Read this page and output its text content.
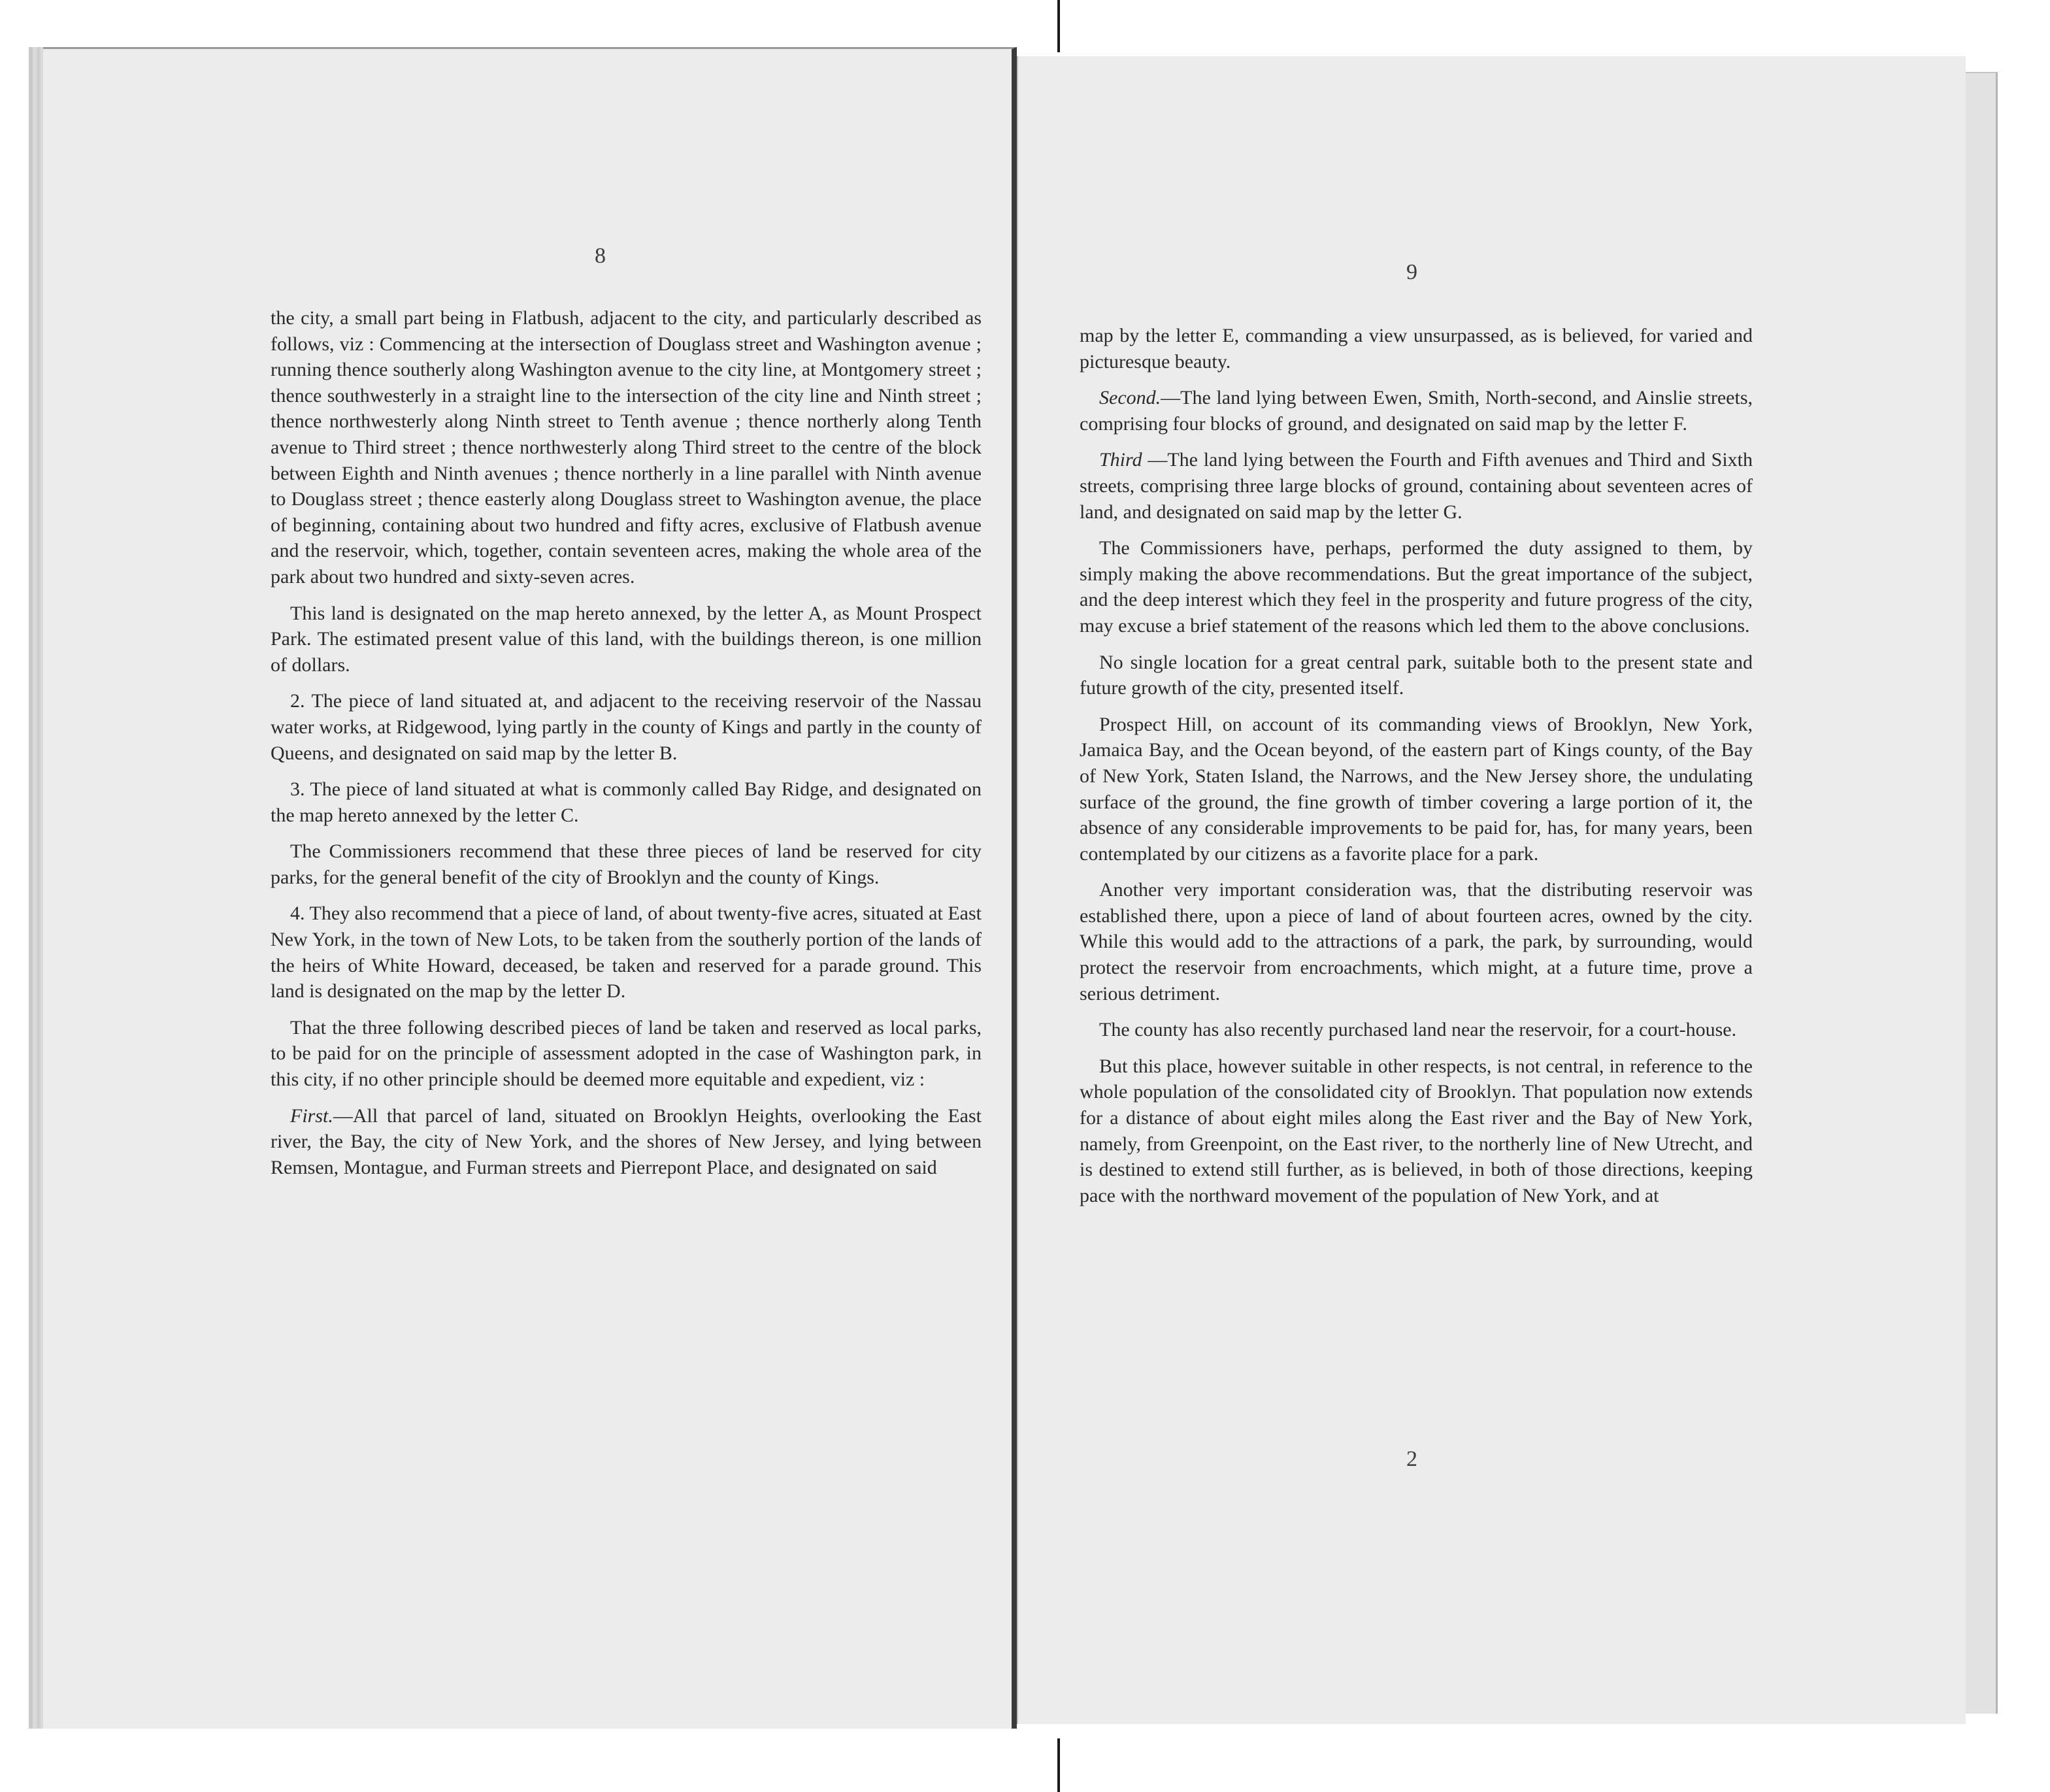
8

the city, a small part being in Flatbush, adjacent to the city, and particularly described as follows, viz : Commencing at the intersection of Douglass street and Washington avenue ; running thence southerly along Washington avenue to the city line, at Montgomery street ; thence southwesterly in a straight line to the intersection of the city line and Ninth street ; thence northwesterly along Ninth street to Tenth avenue ; thence northerly along Tenth avenue to Third street ; thence northwesterly along Third street to the centre of the block between Eighth and Ninth avenues ; thence northerly in a line parallel with Ninth avenue to Douglass street ; thence easterly along Douglass street to Washington avenue, the place of beginning, containing about two hundred and fifty acres, exclusive of Flatbush avenue and the reservoir, which, together, contain seventeen acres, making the whole area of the park about two hundred and sixty-seven acres.

This land is designated on the map hereto annexed, by the letter A, as Mount Prospect Park. The estimated present value of this land, with the buildings thereon, is one million of dollars.

2. The piece of land situated at, and adjacent to the receiving reservoir of the Nassau water works, at Ridgewood, lying partly in the county of Kings and partly in the county of Queens, and designated on said map by the letter B.

3. The piece of land situated at what is commonly called Bay Ridge, and designated on the map hereto annexed by the letter C.

The Commissioners recommend that these three pieces of land be reserved for city parks, for the general benefit of the city of Brooklyn and the county of Kings.

4. They also recommend that a piece of land, of about twenty-five acres, situated at East New York, in the town of New Lots, to be taken from the southerly portion of the lands of the heirs of White Howard, deceased, be taken and reserved for a parade ground. This land is designated on the map by the letter D.

That the three following described pieces of land be taken and reserved as local parks, to be paid for on the principle of assessment adopted in the case of Washington park, in this city, if no other principle should be deemed more equitable and expedient, viz :

First.—All that parcel of land, situated on Brooklyn Heights, overlooking the East river, the Bay, the city of New York, and the shores of New Jersey, and lying between Remsen, Montague, and Furman streets and Pierrepont Place, and designated on said

9

map by the letter E, commanding a view unsurpassed, as is believed, for varied and picturesque beauty.

Second.—The land lying between Ewen, Smith, North-second, and Ainslie streets, comprising four blocks of ground, and designated on said map by the letter F.

Third —The land lying between the Fourth and Fifth avenues and Third and Sixth streets, comprising three large blocks of ground, containing about seventeen acres of land, and designated on said map by the letter G.

The Commissioners have, perhaps, performed the duty assigned to them, by simply making the above recommendations. But the great importance of the subject, and the deep interest which they feel in the prosperity and future progress of the city, may excuse a brief statement of the reasons which led them to the above conclusions.

No single location for a great central park, suitable both to the present state and future growth of the city, presented itself.

Prospect Hill, on account of its commanding views of Brooklyn, New York, Jamaica Bay, and the Ocean beyond, of the eastern part of Kings county, of the Bay of New York, Staten Island, the Narrows, and the New Jersey shore, the undulating surface of the ground, the fine growth of timber covering a large portion of it, the absence of any considerable improvements to be paid for, has, for many years, been contemplated by our citizens as a favorite place for a park.

Another very important consideration was, that the distributing reservoir was established there, upon a piece of land of about fourteen acres, owned by the city. While this would add to the attractions of a park, the park, by surrounding, would protect the reservoir from encroachments, which might, at a future time, prove a serious detriment.

The county has also recently purchased land near the reservoir, for a court-house.

But this place, however suitable in other respects, is not central, in reference to the whole population of the consolidated city of Brooklyn. That population now extends for a distance of about eight miles along the East river and the Bay of New York, namely, from Greenpoint, on the East river, to the northerly line of New Utrecht, and is destined to extend still further, as is believed, in both of those directions, keeping pace with the northward movement of the population of New York, and at

2
